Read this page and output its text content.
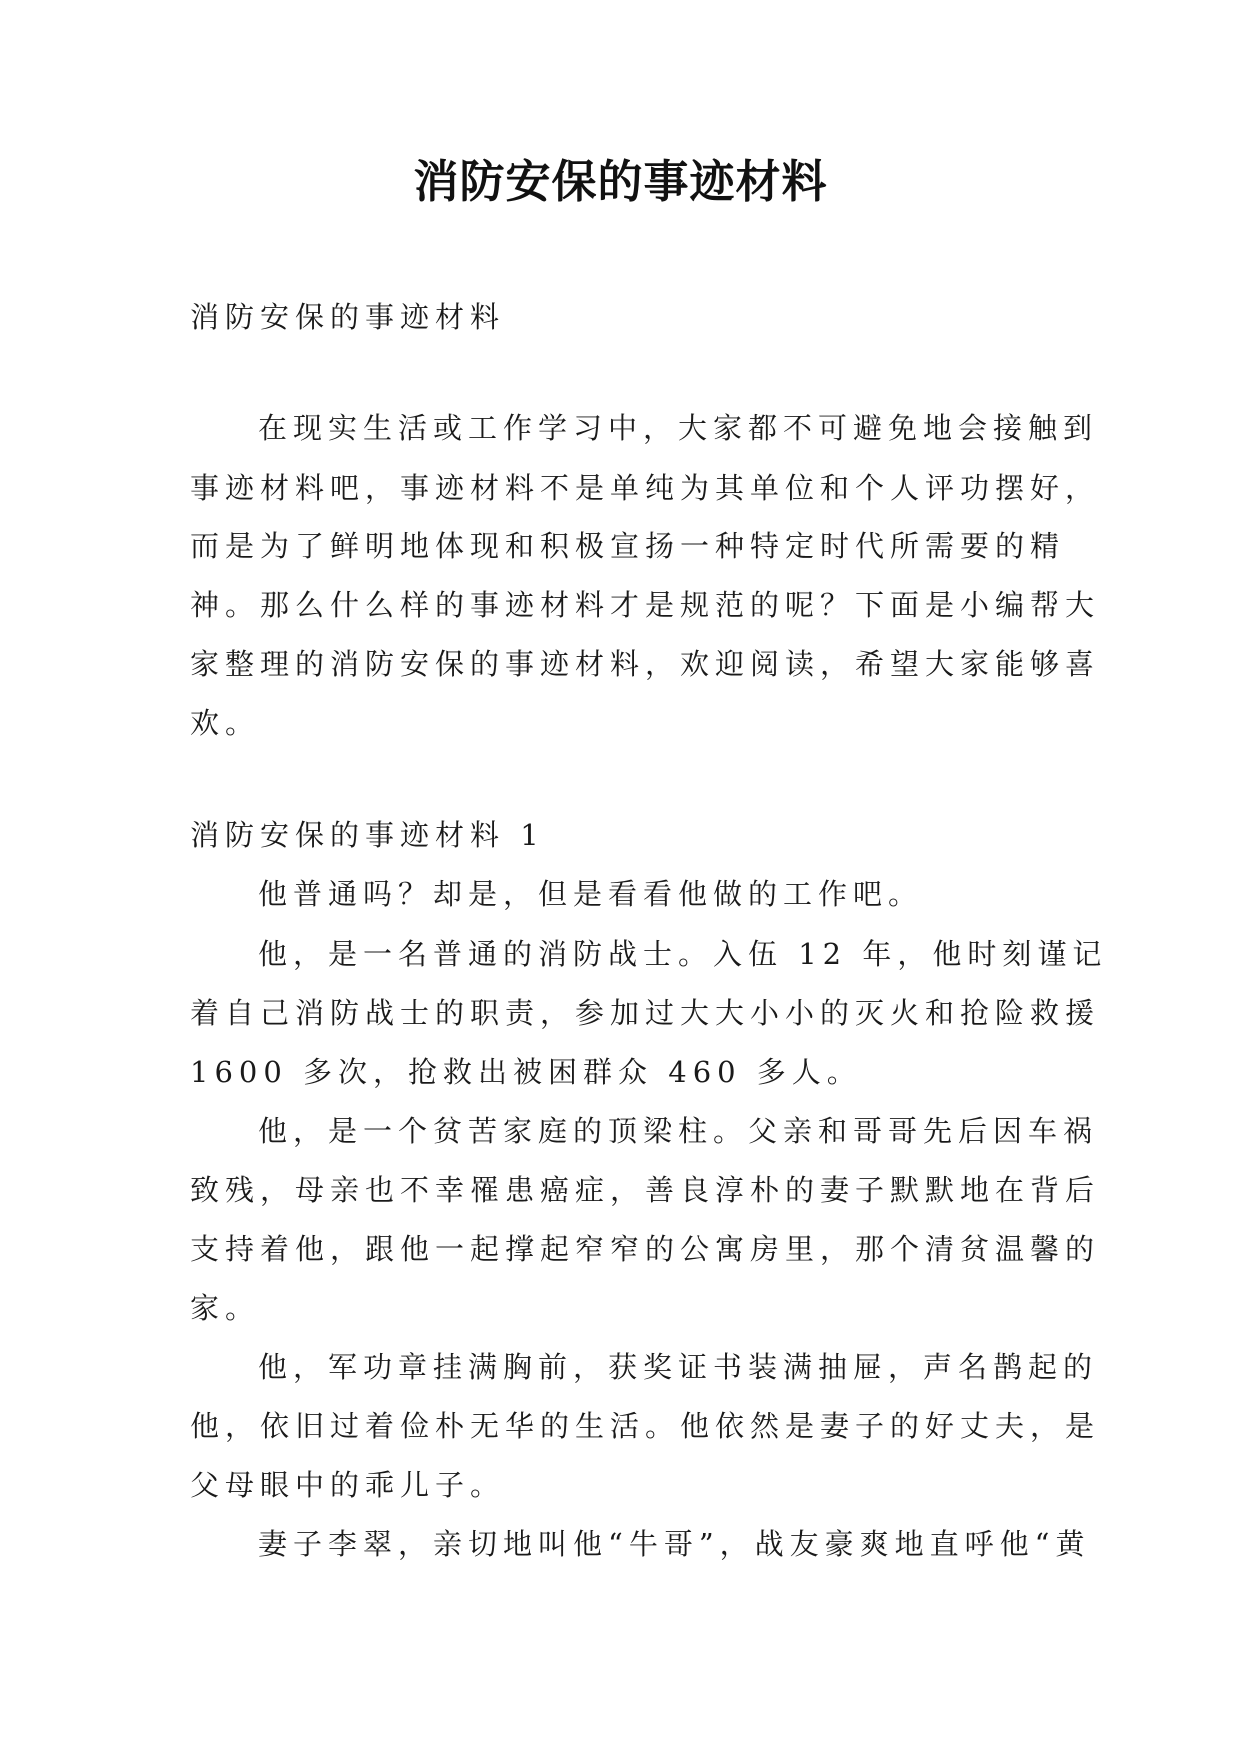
消防安保的事迹材料
消防安保的事迹材料
在现实生活或工作学习中，大家都不可避免地会接触到
事迹材料吧，事迹材料不是单纯为其单位和个人评功摆好，
而是为了鲜明地体现和积极宣扬一种特定时代所需要的精
神。那么什么样的事迹材料才是规范的呢？下面是小编帮大
家整理的消防安保的事迹材料，欢迎阅读，希望大家能够喜
欢。
消防安保的事迹材料 1
他普通吗？却是，但是看看他做的工作吧。
他，是一名普通的消防战士。入伍 12 年，他时刻谨记
着自己消防战士的职责，参加过大大小小的灭火和抢险救援
1600 多次，抢救出被困群众 460 多人。
他，是一个贫苦家庭的顶梁柱。父亲和哥哥先后因车祸
致残，母亲也不幸罹患癌症，善良淳朴的妻子默默地在背后
支持着他，跟他一起撑起窄窄的公寓房里，那个清贫温馨的
家。
他，军功章挂满胸前，获奖证书装满抽屉，声名鹊起的
他，依旧过着俭朴无华的生活。他依然是妻子的好丈夫，是
父母眼中的乖儿子。
妻子李翠，亲切地叫他“牛哥”，战友豪爽地直呼他“黄
